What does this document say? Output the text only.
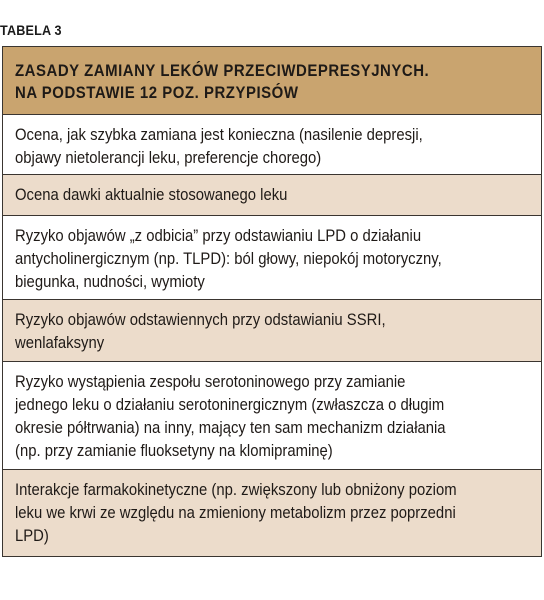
TABELA 3
ZASADY ZAMIANY LEKÓW PRZECIWDEPRESYJNYCH.
NA PODSTAWIE 12 POZ. PRZYPISÓW
Ocena, jak szybka zamiana jest konieczna (nasilenie depresji,
objawy nietolerancji leku, preferencje chorego)
Ocena dawki aktualnie stosowanego leku
Ryzyko objawów „z odbicia” przy odstawianiu LPD o działaniu
antycholinergicznym (np. TLPD): ból głowy, niepokój motoryczny,
biegunka, nudności, wymioty
Ryzyko objawów odstawiennych przy odstawianiu SSRI,
wenlafaksyny
Ryzyko wystąpienia zespołu serotoninowego przy zamianie
jednego leku o działaniu serotoninergicznym (zwłaszcza o długim
okresie półtrwania) na inny, mający ten sam mechanizm działania
(np. przy zamianie fluoksetyny na klomipraminę)
Interakcje farmakokinetyczne (np. zwiększony lub obniżony poziom
leku we krwi ze względu na zmieniony metabolizm przez poprzedni
LPD)
